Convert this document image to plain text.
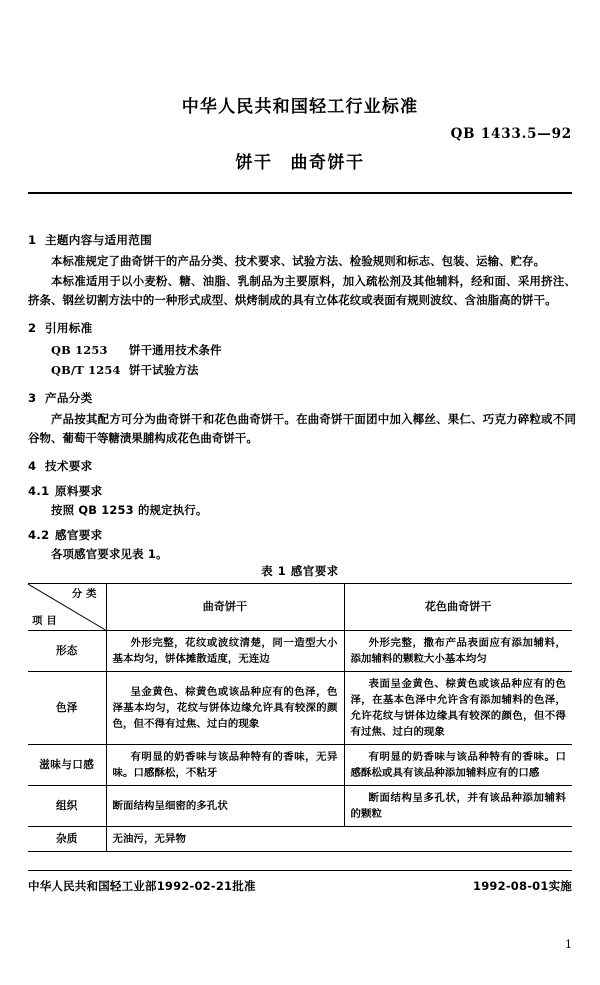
中华人民共和国轻工行业标准
QB 1433.5—92
饼干 曲奇饼干
1 主题内容与适用范围
本标准规定了曲奇饼干的产品分类、技术要求、试验方法、检验规则和标志、包装、运输、贮存。
本标准适用于以小麦粉、糖、油脂、乳制品为主要原料，加入疏松剂及其他辅料，经和面、采用挤注、挤条、钢丝切割方法中的一种形式成型、烘烤制成的具有立体花纹或表面有规则波纹、含油脂高的饼干。
2 引用标准
QB 1253 饼干通用技术条件
QB/T 1254 饼干试验方法
3 产品分类
产品按其配方可分为曲奇饼干和花色曲奇饼干。在曲奇饼干面团中加入椰丝、果仁、巧克力碎粒或不同谷物、葡萄干等糖渍果脯构成花色曲奇饼干。
4 技术要求
4.1 原料要求
按照 QB 1253 的规定执行。
4.2 感官要求
各项感官要求见表 1。
表 1 感官要求
分类
项目	曲奇饼干	花色曲奇饼干
形态	外形完整，花纹或波纹清楚，同一造型大小基本均匀，饼体摊散适度，无连边	外形完整，撒布产品表面应有添加辅料，添加辅料的颗粒大小基本均匀
色泽	呈金黄色、棕黄色或该品种应有的色泽，色泽基本均匀，花纹与饼体边缘允许具有较深的颜色，但不得有过焦、过白的现象	表面呈金黄色、棕黄色或该品种应有的色泽，在基本色泽中允许含有添加辅料的色泽，允许花纹与饼体边缘具有较深的颜色，但不得有过焦、过白的现象
滋味与口感	有明显的奶香味与该品种特有的香味，无异味。口感酥松，不粘牙	有明显的奶香味与该品种特有的香味。口感酥松或具有该品种添加辅料应有的口感
组织	断面结构呈细密的多孔状	断面结构呈多孔状，并有该品种添加辅料的颗粒
杂质	无油污，无异物	

中华人民共和国轻工业部1992-02-21批准	1992-08-01实施
1
